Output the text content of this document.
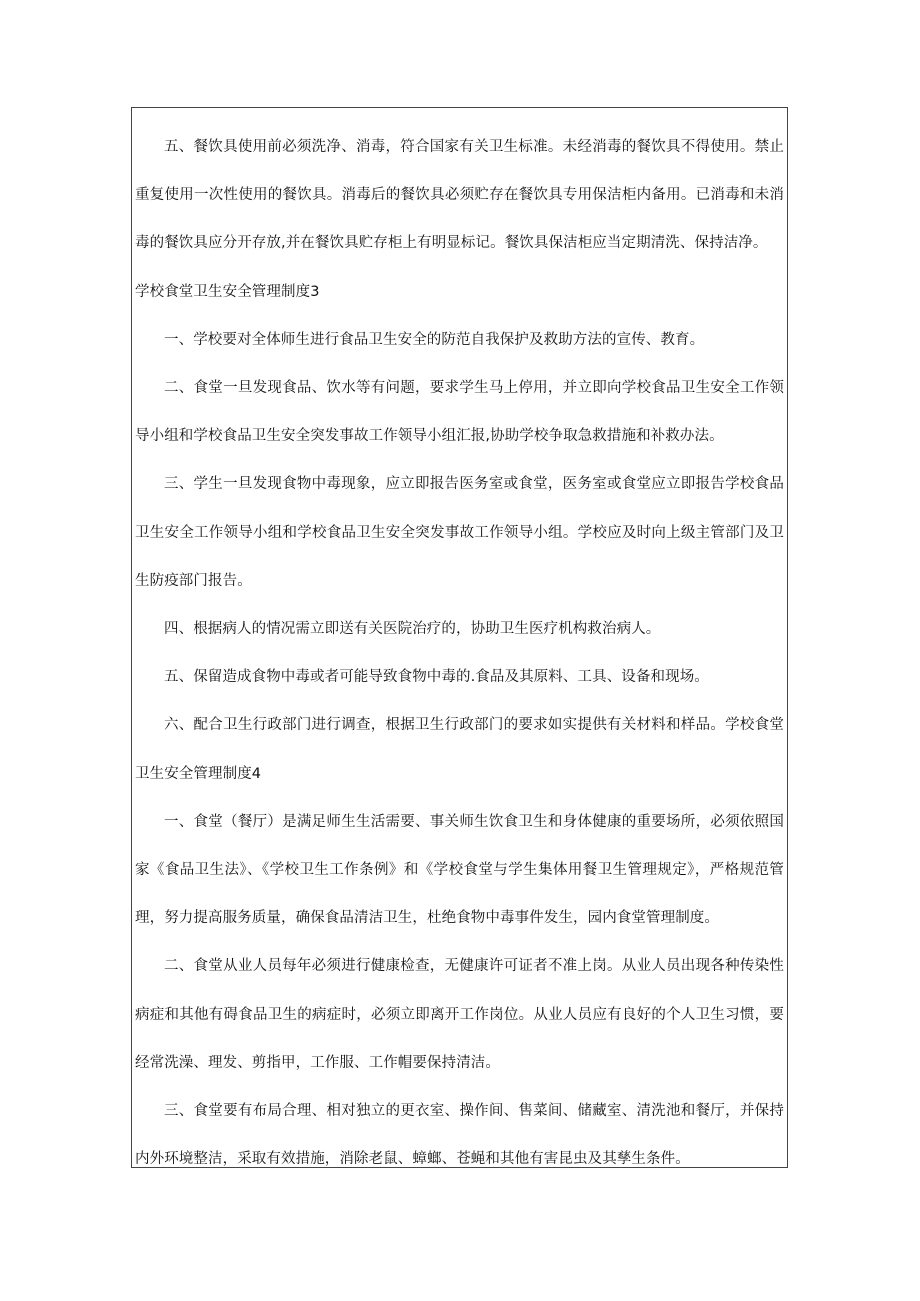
五、餐饮具使用前必须洗净、消毒，符合国家有关卫生标准。未经消毒的餐饮具不得使用。禁止重复使用一次性使用的餐饮具。消毒后的餐饮具必须贮存在餐饮具专用保洁柜内备用。已消毒和未消毒的餐饮具应分开存放,并在餐饮具贮存柜上有明显标记。餐饮具保洁柜应当定期清洗、保持洁净。

学校食堂卫生安全管理制度3

一、学校要对全体师生进行食品卫生安全的防范自我保护及救助方法的宣传、教育。

二、食堂一旦发现食品、饮水等有问题，要求学生马上停用，并立即向学校食品卫生安全工作领导小组和学校食品卫生安全突发事故工作领导小组汇报,协助学校争取急救措施和补救办法。

三、学生一旦发现食物中毒现象，应立即报告医务室或食堂，医务室或食堂应立即报告学校食品卫生安全工作领导小组和学校食品卫生安全突发事故工作领导小组。学校应及时向上级主管部门及卫生防疫部门报告。

四、根据病人的情况需立即送有关医院治疗的，协助卫生医疗机构救治病人。

五、保留造成食物中毒或者可能导致食物中毒的.食品及其原料、工具、设备和现场。

六、配合卫生行政部门进行调查，根据卫生行政部门的要求如实提供有关材料和样品。学校食堂卫生安全管理制度4

一、食堂（餐厅）是满足师生生活需要、事关师生饮食卫生和身体健康的重要场所，必须依照国家《食品卫生法》、《学校卫生工作条例》和《学校食堂与学生集体用餐卫生管理规定》，严格规范管理，努力提高服务质量，确保食品清洁卫生，杜绝食物中毒事件发生，园内食堂管理制度。

二、食堂从业人员每年必须进行健康检查，无健康许可证者不准上岗。从业人员出现各种传染性病症和其他有碍食品卫生的病症时，必须立即离开工作岗位。从业人员应有良好的个人卫生习惯，要经常洗澡、理发、剪指甲，工作服、工作帽要保持清洁。

三、食堂要有布局合理、相对独立的更衣室、操作间、售菜间、储藏室、清洗池和餐厅，并保持内外环境整洁，采取有效措施，消除老鼠、蟑螂、苍蝇和其他有害昆虫及其孳生条件。
